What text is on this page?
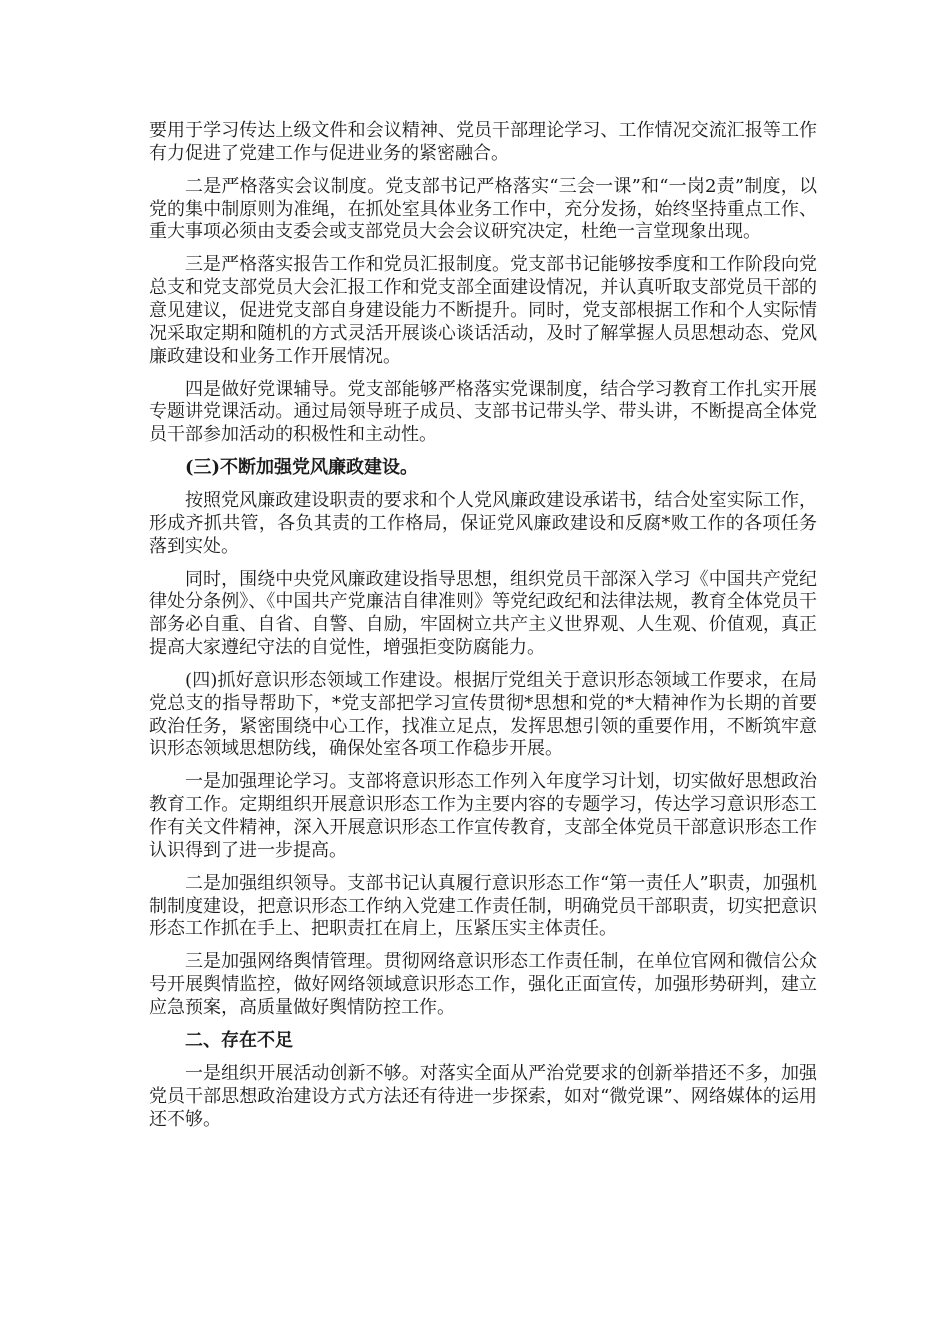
要用于学习传达上级文件和会议精神、党员干部理论学习、工作情况交流汇报等工作有力促进了党建工作与促进业务的紧密融合。

二是严格落实会议制度。党支部书记严格落实“三会一课”和“一岗2责”制度，以党的集中制原则为准绳，在抓处室具体业务工作中，充分发扬，始终坚持重点工作、重大事项必须由支委会或支部党员大会会议研究决定，杜绝一言堂现象出现。

三是严格落实报告工作和党员汇报制度。党支部书记能够按季度和工作阶段向党总支和党支部党员大会汇报工作和党支部全面建设情况，并认真听取支部党员干部的意见建议，促进党支部自身建设能力不断提升。同时，党支部根据工作和个人实际情况采取定期和随机的方式灵活开展谈心谈话活动，及时了解掌握人员思想动态、党风廉政建设和业务工作开展情况。

四是做好党课辅导。党支部能够严格落实党课制度，结合学习教育工作扎实开展专题讲党课活动。通过局领导班子成员、支部书记带头学、带头讲，不断提高全体党员干部参加活动的积极性和主动性。

(三)不断加强党风廉政建设。

按照党风廉政建设职责的要求和个人党风廉政建设承诺书，结合处室实际工作，形成齐抓共管，各负其责的工作格局，保证党风廉政建设和反腐*败工作的各项任务落到实处。

同时，围绕中央党风廉政建设指导思想，组织党员干部深入学习《中国共产党纪律处分条例》、《中国共产党廉洁自律准则》等党纪政纪和法律法规，教育全体党员干部务必自重、自省、自警、自励，牢固树立共产主义世界观、人生观、价值观，真正提高大家遵纪守法的自觉性，增强拒变防腐能力。

(四)抓好意识形态领域工作建设。根据厅党组关于意识形态领域工作要求，在局党总支的指导帮助下，*党支部把学习宣传贯彻*思想和党的*大精神作为长期的首要政治任务，紧密围绕中心工作，找准立足点，发挥思想引领的重要作用，不断筑牢意识形态领域思想防线，确保处室各项工作稳步开展。

一是加强理论学习。支部将意识形态工作列入年度学习计划，切实做好思想政治教育工作。定期组织开展意识形态工作为主要内容的专题学习，传达学习意识形态工作有关文件精神，深入开展意识形态工作宣传教育，支部全体党员干部意识形态工作认识得到了进一步提高。

二是加强组织领导。支部书记认真履行意识形态工作“第一责任人”职责，加强机制制度建设，把意识形态工作纳入党建工作责任制，明确党员干部职责，切实把意识形态工作抓在手上、把职责扛在肩上，压紧压实主体责任。

三是加强网络舆情管理。贯彻网络意识形态工作责任制，在单位官网和微信公众号开展舆情监控，做好网络领域意识形态工作，强化正面宣传，加强形势研判，建立应急预案，高质量做好舆情防控工作。

二、存在不足

一是组织开展活动创新不够。对落实全面从严治党要求的创新举措还不多，加强党员干部思想政治建设方式方法还有待进一步探索，如对“微党课”、网络媒体的运用还不够。
